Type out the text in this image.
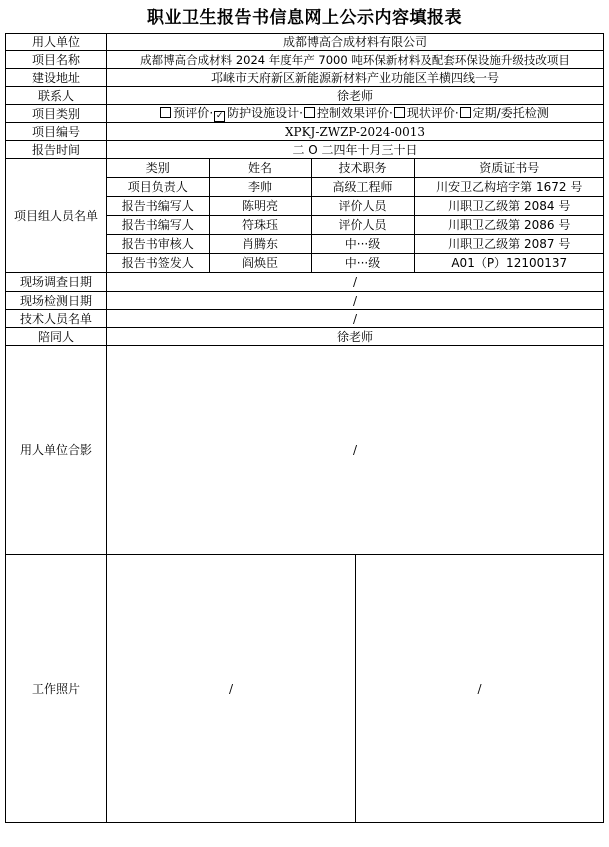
职业卫生报告书信息网上公示内容填报表
用人单位	成都博高合成材料有限公司
项目名称	成都博高合成材料 2024 年度年产 7000 吨环保新材料及配套环保设施升级技改项目
建设地址	邛崃市天府新区新能源新材料产业功能区羊横四线一号
联系人	徐老师
项目类别	预评价· ✓ 防护设施设计· 控制效果评价· 现状评价· 定期/委托检测
项目编号	XPKJ-ZWZP-2024-0013
报告时间	二 O 二四年十月三十日
项目组人员名单	
类别	姓名	技术职务	资质证书号
项目负责人	李帅	高级工程师	川安卫乙构培字第 1672 号
报告书编写人	陈明亮	评价人员	川职卫乙级第 2084 号
报告书编写人	符珠珏	评价人员	川职卫乙级第 2086 号
报告书审核人	肖腾东	中···级	川职卫乙级第 2087 号
报告书签发人	阎焕臣	中···级	A01（P）12100137

现场调查日期	/
现场检测日期	/
技术人员名单	/
陪同人	徐老师
用人单位合影	/
工作照片	/	/
